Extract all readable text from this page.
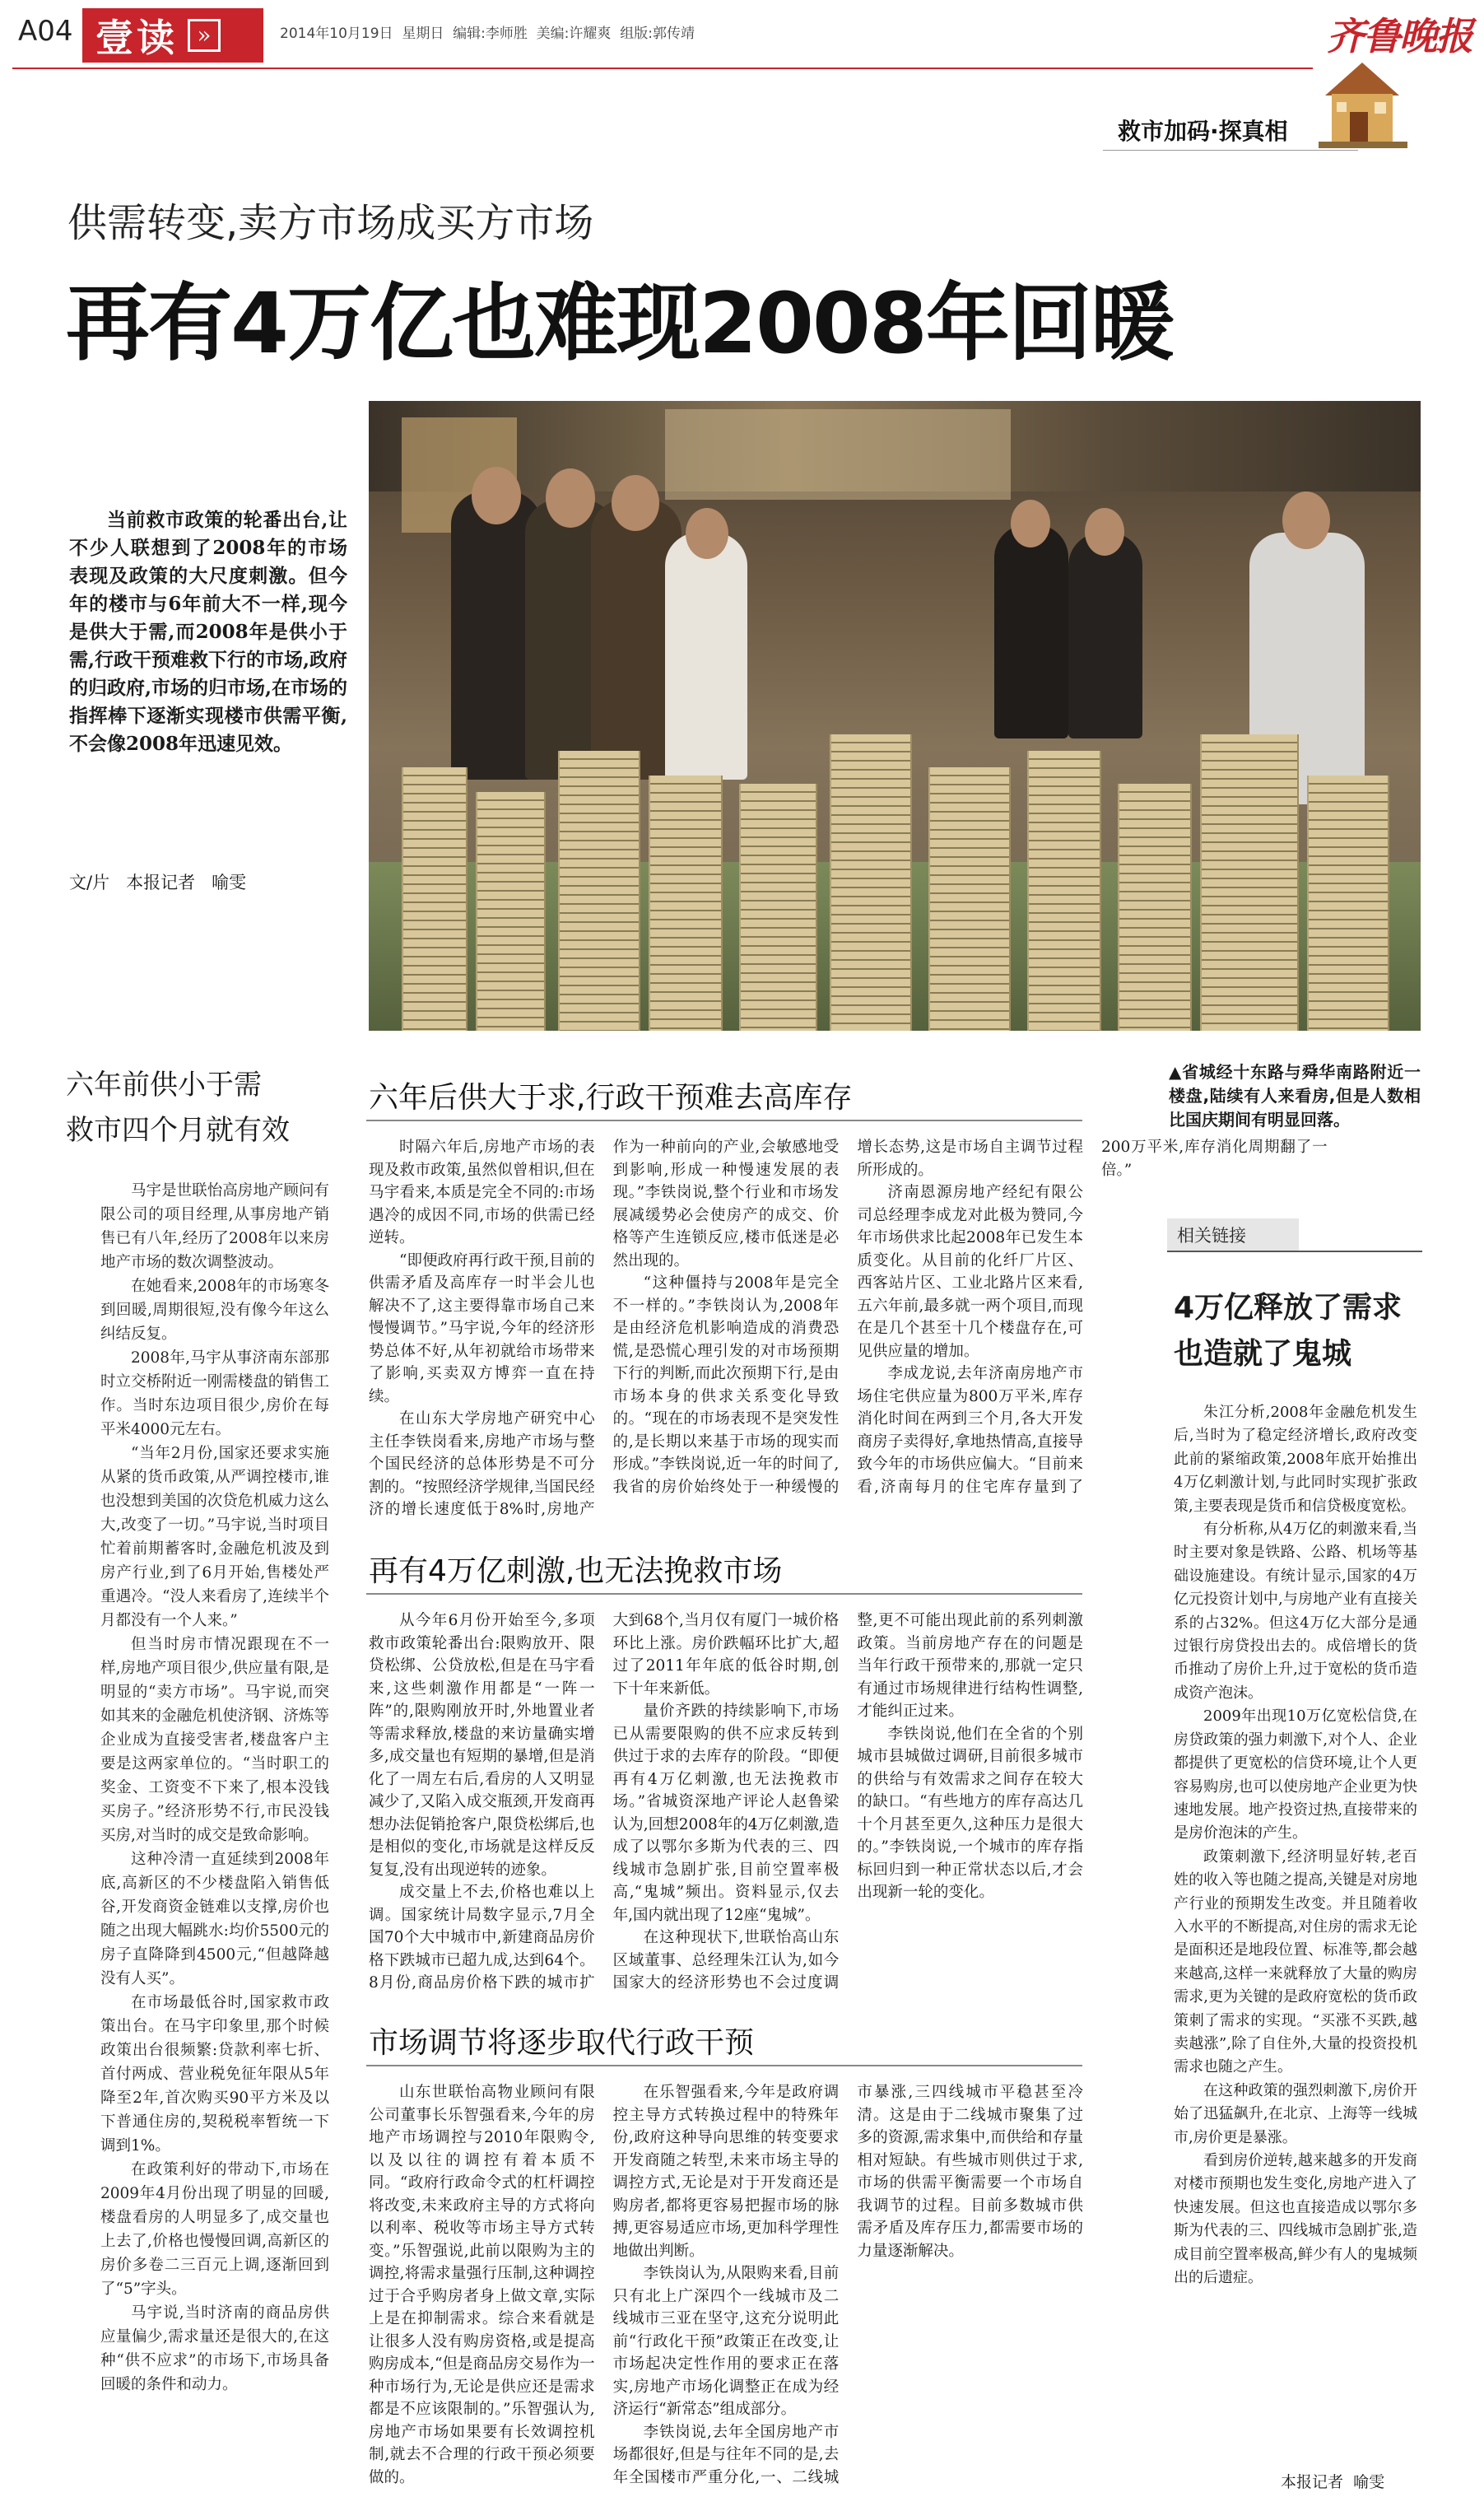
A04 壹读 »	2014年10月19日  星期日  编辑:李师胜  美编:许耀爽  组版:郭传靖	齐鲁晚报
救市加码·探真相
供需转变,卖方市场成买方市场
再有4万亿也难现2008年回暖
当前救市政策的轮番出台,让不少人联想到了2008年的市场表现及政策的大尺度刺激。但今年的楼市与6年前大不一样,现今是供大于需,而2008年是供小于需,行政干预难救下行的市场,政府的归政府,市场的归市场,在市场的指挥棒下逐渐实现楼市供需平衡,不会像2008年迅速见效。
文/片   本报记者   喻雯
六年前供小于需
救市四个月就有效

马宇是世联怡高房地产顾问有限公司的项目经理,从事房地产销售已有八年,经历了2008年以来房地产市场的数次调整波动。

在她看来,2008年的市场寒冬到回暖,周期很短,没有像今年这么纠结反复。

2008年,马宇从事济南东部那时立交桥附近一刚需楼盘的销售工作。当时东边项目很少,房价在每平米4000元左右。

“当年2月份,国家还要求实施从紧的货币政策,从严调控楼市,谁也没想到美国的次贷危机威力这么大,改变了一切。”马宇说,当时项目忙着前期蓄客时,金融危机波及到房产行业,到了6月开始,售楼处严重遇冷。“没人来看房了,连续半个月都没有一个人来。”

但当时房市情况跟现在不一样,房地产项目很少,供应量有限,是明显的“卖方市场”。马宇说,而突如其来的金融危机使济钢、济炼等企业成为直接受害者,楼盘客户主要是这两家单位的。“当时职工的奖金、工资变不下来了,根本没钱买房子。”经济形势不行,市民没钱买房,对当时的成交是致命影响。

这种冷清一直延续到2008年底,高新区的不少楼盘陷入销售低谷,开发商资金链难以支撑,房价也随之出现大幅跳水:均价5500元的房子直降降到4500元,“但越降越没有人买”。

在市场最低谷时,国家救市政策出台。在马宇印象里,那个时候政策出台很频繁:贷款利率七折、首付两成、营业税免征年限从5年降至2年,首次购买90平方米及以下普通住房的,契税税率暂统一下调到1%。

在政策利好的带动下,市场在2009年4月份出现了明显的回暖,楼盘看房的人明显多了,成交量也上去了,价格也慢慢回调,高新区的房价多卷二三百元上调,逐渐回到了“5”字头。

马宇说,当时济南的商品房供应量偏少,需求量还是很大的,在这种“供不应求”的市场下,市场具备回暖的条件和动力。

六年后供大于求,行政干预难去高库存

时隔六年后,房地产市场的表现及救市政策,虽然似曾相识,但在马宇看来,本质是完全不同的:市场遇冷的成因不同,市场的供需已经逆转。

“即便政府再行政干预,目前的供需矛盾及高库存一时半会儿也解决不了,这主要得靠市场自己来慢慢调节。”马宇说,今年的经济形势总体不好,从年初就给市场带来了影响,买卖双方博弈一直在持续。

在山东大学房地产研究中心主任李铁岗看来,房地产市场与整个国民经济的总体形势是不可分割的。“按照经济学规律,当国民经济的增长速度低于8%时,房地产作为一种前向的产业,会敏感地受到影响,形成一种慢速发展的表现。”李铁岗说,整个行业和市场发展减缓势必会使房产的成交、价格等产生连锁反应,楼市低迷是必然出现的。

“这种僵持与2008年是完全不一样的。”李铁岗认为,2008年是由经济危机影响造成的消费恐慌,是恐慌心理引发的对市场预期下行的判断,而此次预期下行,是由市场本身的供求关系变化导致的。“现在的市场表现不是突发性的,是长期以来基于市场的现实而形成。”李铁岗说,近一年的时间了,我省的房价始终处于一种缓慢的增长态势,这是市场自主调节过程所形成的。

济南恩源房地产经纪有限公司总经理李成龙对此极为赞同,今年市场供求比起2008年已发生本质变化。从目前的化纤厂片区、西客站片区、工业北路片区来看,五六年前,最多就一两个项目,而现在是几个甚至十几个楼盘存在,可见供应量的增加。

李成龙说,去年济南房地产市场住宅供应量为800万平米,库存消化时间在两到三个月,各大开发商房子卖得好,拿地热情高,直接导致今年的市场供应偏大。“目前来看,济南每月的住宅库存量到了200万平米,库存消化周期翻了一倍。”

再有4万亿刺激,也无法挽救市场

从今年6月份开始至今,多项救市政策轮番出台:限购放开、限贷松绑、公贷放松,但是在马宇看来,这些刺激作用都是“一阵一阵”的,限购刚放开时,外地置业者等需求释放,楼盘的来访量确实增多,成交量也有短期的暴增,但是消化了一周左右后,看房的人又明显减少了,又陷入成交瓶颈,开发商再想办法促销抢客户,限贷松绑后,也是相似的变化,市场就是这样反反复复,没有出现逆转的迹象。

成交量上不去,价格也难以上调。国家统计局数字显示,7月全国70个大中城市中,新建商品房价格下跌城市已超九成,达到64个。8月份,商品房价格下跌的城市扩大到68个,当月仅有厦门一城价格环比上涨。房价跌幅环比扩大,超过了2011年年底的低谷时期,创下十年来新低。

量价齐跌的持续影响下,市场已从需要限购的供不应求反转到供过于求的去库存的阶段。“即便再有4万亿刺激,也无法挽救市场。”省城资深地产评论人赵鲁梁认为,回想2008年的4万亿刺激,造成了以鄂尔多斯为代表的三、四线城市急剧扩张,目前空置率极高,“鬼城”频出。资料显示,仅去年,国内就出现了12座“鬼城”。

在这种现状下,世联怡高山东区域董事、总经理朱江认为,如今国家大的经济形势也不会过度调整,更不可能出现此前的系列刺激政策。当前房地产存在的问题是当年行政干预带来的,那就一定只有通过市场规律进行结构性调整,才能纠正过来。

李铁岗说,他们在全省的个别城市县城做过调研,目前很多城市的供给与有效需求之间存在较大的缺口。“有些地方的库存高达几十个月甚至更久,这种压力是很大的。”李铁岗说,一个城市的库存指标回归到一种正常状态以后,才会出现新一轮的变化。

市场调节将逐步取代行政干预

山东世联怡高物业顾问有限公司董事长乐智强看来,今年的房地产市场调控与2010年限购令,以及以往的调控有着本质不同。“政府行政命令式的杠杆调控将改变,未来政府主导的方式将向以利率、税收等市场主导方式转变。”乐智强说,此前以限购为主的调控,将需求量强行压制,这种调控过于合乎购房者身上做文章,实际上是在抑制需求。综合来看就是让很多人没有购房资格,或是提高购房成本,“但是商品房交易作为一种市场行为,无论是供应还是需求都是不应该限制的。”乐智强认为,房地产市场如果要有长效调控机制,就去不合理的行政干预必须要做的。

在乐智强看来,今年是政府调控主导方式转换过程中的特殊年份,政府这种导向思维的转变要求开发商随之转型,未来市场主导的调控方式,无论是对于开发商还是购房者,都将更容易把握市场的脉搏,更容易适应市场,更加科学理性地做出判断。

李铁岗认为,从限购来看,目前只有北上广深四个一线城市及二线城市三亚在坚守,这充分说明此前“行政化干预”政策正在改变,让市场起决定性作用的要求正在落实,房地产市场化调整正在成为经济运行“新常态”组成部分。

李铁岗说,去年全国房地产市场都很好,但是与往年不同的是,去年全国楼市严重分化,一、二线城市暴涨,三四线城市平稳甚至冷清。这是由于二线城市聚集了过多的资源,需求集中,而供给和存量相对短缺。有些城市则供过于求,市场的供需平衡需要一个市场自我调节的过程。目前多数城市供需矛盾及库存压力,都需要市场的力量逐渐解决。

▲省城经十东路与舜华南路附近一楼盘,陆续有人来看房,但是人数相比国庆期间有明显回落。
相关链接
4万亿释放了需求
也造就了鬼城

朱江分析,2008年金融危机发生后,当时为了稳定经济增长,政府改变此前的紧缩政策,2008年底开始推出4万亿刺激计划,与此同时实现扩张政策,主要表现是货币和信贷极度宽松。

有分析称,从4万亿的刺激来看,当时主要对象是铁路、公路、机场等基础设施建设。有统计显示,国家的4万亿元投资计划中,与房地产业有直接关系的占32%。但这4万亿大部分是通过银行房贷投出去的。成倍增长的货币推动了房价上升,过于宽松的货币造成资产泡沫。

2009年出现10万亿宽松信贷,在房贷政策的强力刺激下,对个人、企业都提供了更宽松的信贷环境,让个人更容易购房,也可以使房地产企业更为快速地发展。地产投资过热,直接带来的是房价泡沫的产生。

政策刺激下,经济明显好转,老百姓的收入等也随之提高,关键是对房地产行业的预期发生改变。并且随着收入水平的不断提高,对住房的需求无论是面积还是地段位置、标准等,都会越来越高,这样一来就释放了大量的购房需求,更为关键的是政府宽松的货币政策刺了需求的实现。“买涨不买跌,越卖越涨”,除了自住外,大量的投资投机需求也随之产生。

在这种政策的强烈刺激下,房价开始了迅猛飙升,在北京、上海等一线城市,房价更是暴涨。

看到房价逆转,越来越多的开发商对楼市预期也发生变化,房地产进入了快速发展。但这也直接造成以鄂尔多斯为代表的三、四线城市急剧扩张,造成目前空置率极高,鲜少有人的鬼城频出的后遗症。

本报记者  喻雯
